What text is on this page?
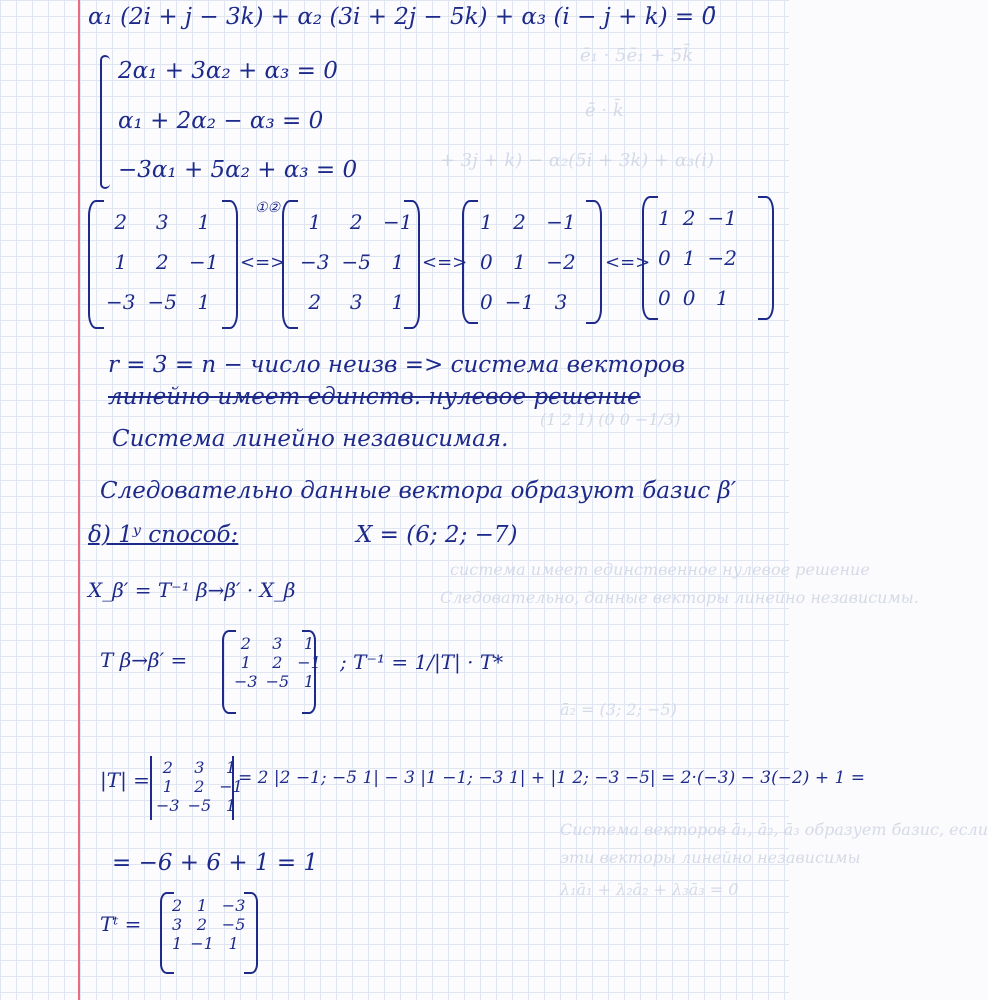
ē₁ · 5ē₁ + 5k̄
ē · k̄
+ 3j + k) − α₂(5i + 3k) + α₃(i)
(1 2 1) (0 0 −1/3)
система имеет единственное нулевое решение
Следовательно, данные векторы линейно независимы.
ā₂ = (3; 2; −5)
Система векторов ā₁, ā₂, ā₃ образует базис, если
эти векторы линейно независимы
λ₁ā₁ + λ₂ā₂ + λ₃ā₃ = 0̄
α₁ (2i + j − 3k) + α₂ (3i + 2j − 5k) + α₃ (i − j + k) = 0̄
2α₁ + 3α₂ + α₃ = 0
α₁ + 2α₂ − α₃ = 0
−3α₁ + 5α₂ + α₃ = 0
2	3	1
1	2	−1
−3	−5	1
<=>
①②
1	2	−1
−3	−5	1
2	3	1
<=>
1	2	−1
0	1	−2
0	−1	3
<=>
1	2	−1
0	1	−2
0	0	1
r = 3 = n − число неизв => система векторов
линейно имеет единств. нулевое решение
Система линейно независимая.
Следовательно данные вектора образуют базис β′
δ) 1ʸ способ:	X = (6; 2; −7)
X_β′ = T⁻¹ β→β′ · X_β
T β→β′ =
2	3	1
1	2	−1
−3	−5	1
; T⁻¹ = 1/|T| · T*
|T| =
2	3	1
1	2	−1
−3	−5	1
= 2 |2 −1; −5 1| − 3 |1 −1; −3 1| + |1 2; −3 −5| = 2·(−3) − 3(−2) + 1 =
= −6 + 6 + 1 = 1
Tᵗ =
2	1	−3
3	2	−5
1	−1	1
